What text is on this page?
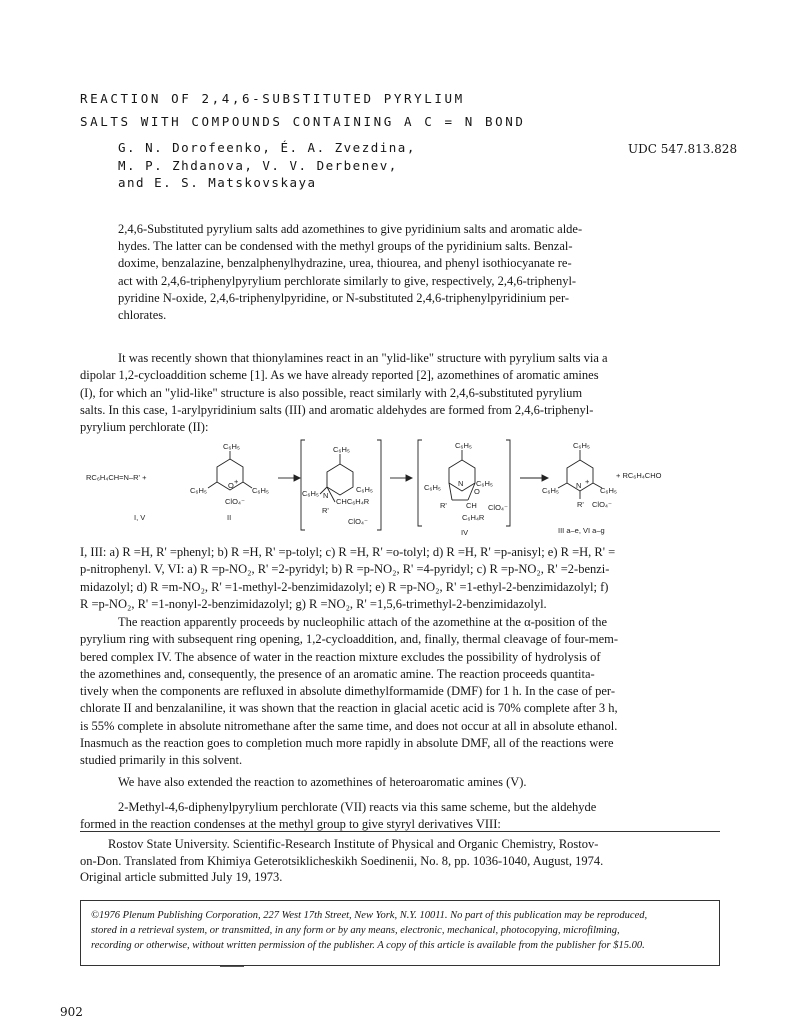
REACTION OF 2,4,6-SUBSTITUTED PYRYLIUM
SALTS WITH COMPOUNDS CONTAINING A C = N BOND
G. N. Dorofeenko, É. A. Zvezdina,
M. P. Zhdanova, V. V. Derbenev,
and E. S. Matskovskaya
UDC 547.813.828
2,4,6-Substituted pyrylium salts add azomethines to give pyridinium salts and aromatic alde-
hydes. The latter can be condensed with the methyl groups of the pyridinium salts. Benzal-
doxime, benzalazine, benzalphenylhydrazine, urea, thiourea, and phenyl isothiocyanate re-
act with 2,4,6-triphenylpyrylium perchlorate similarly to give, respectively, 2,4,6-triphenyl-
pyridine N-oxide, 2,4,6-triphenylpyridine, or N-substituted 2,4,6-triphenylpyridinium per-
chlorates.
It was recently shown that thionylamines react in an "ylid-like" structure with pyrylium salts via a
dipolar 1,2-cycloaddition scheme [1]. As we have already reported [2], azomethines of aromatic amines
(I), for which an "ylid-like" structure is also possible, react similarly with 2,4,6-substituted pyrylium
salts. In this case, 1-arylpyridinium salts (III) and aromatic aldehydes are formed from 2,4,6-triphenyl-
pyrylium perchlorate (II):
RC₆H₄CH=N–R' +
C₆H₅
C₆H₅	C₆H₅
O +
ClO₄⁻
C₆H₅
C₆H₅	C₆H₅
N
CHC₆H₄R
R'
ClO₄⁻
C₆H₅
C₆H₅	C₆H₅
N
O
R'	CH ClO₄⁻
C₆H₄R
C₆H₅
C₆H₅	C₆H₅
N +
R' ClO₄⁻
+ RC₆H₄CHO
I, V	II
IV	III a–e, VI a–g
I, III: a) R =H, R' =phenyl; b) R =H, R' =p-tolyl; c) R =H, R' =o-tolyl; d) R =H, R' =p-anisyl; e) R =H, R' =
p-nitrophenyl. V, VI: a) R =p-NO₂, R' =2-pyridyl; b) R =p-NO₂, R' =4-pyridyl; c) R =p-NO₂, R' =2-benzi-
midazolyl; d) R =m-NO₂, R' =1-methyl-2-benzimidazolyl; e) R =p-NO₂, R' =1-ethyl-2-benzimidazolyl; f)
R =p-NO₂, R' =1-nonyl-2-benzimidazolyl; g) R =NO₂, R' =1,5,6-trimethyl-2-benzimidazolyl.
The reaction apparently proceeds by nucleophilic attach of the azomethine at the α-position of the
pyrylium ring with subsequent ring opening, 1,2-cycloaddition, and, finally, thermal cleavage of four-mem-
bered complex IV. The absence of water in the reaction mixture excludes the possibility of hydrolysis of
the azomethines and, consequently, the presence of an aromatic amine. The reaction proceeds quantita-
tively when the components are refluxed in absolute dimethylformamide (DMF) for 1 h. In the case of per-
chlorate II and benzalaniline, it was shown that the reaction in glacial acetic acid is 70% complete after 3 h,
is 55% complete in absolute nitromethane after the same time, and does not occur at all in absolute ethanol.
Inasmuch as the reaction goes to completion much more rapidly in absolute DMF, all of the reactions were
studied primarily in this solvent.
We have also extended the reaction to azomethines of heteroaromatic amines (V).
2-Methyl-4,6-diphenylpyrylium perchlorate (VII) reacts via this same scheme, but the aldehyde
formed in the reaction condenses at the methyl group to give styryl derivatives VIII:
Rostov State University. Scientific-Research Institute of Physical and Organic Chemistry, Rostov-
on-Don. Translated from Khimiya Geterotsiklicheskikh Soedinenii, No. 8, pp. 1036-1040, August, 1974.
Original article submitted July 19, 1973.
©1976 Plenum Publishing Corporation, 227 West 17th Street, New York, N.Y. 10011. No part of this publication may be reproduced,
stored in a retrieval system, or transmitted, in any form or by any means, electronic, mechanical, photocopying, microfilming,
recording or otherwise, without written permission of the publisher. A copy of this article is available from the publisher for $15.00.
902
